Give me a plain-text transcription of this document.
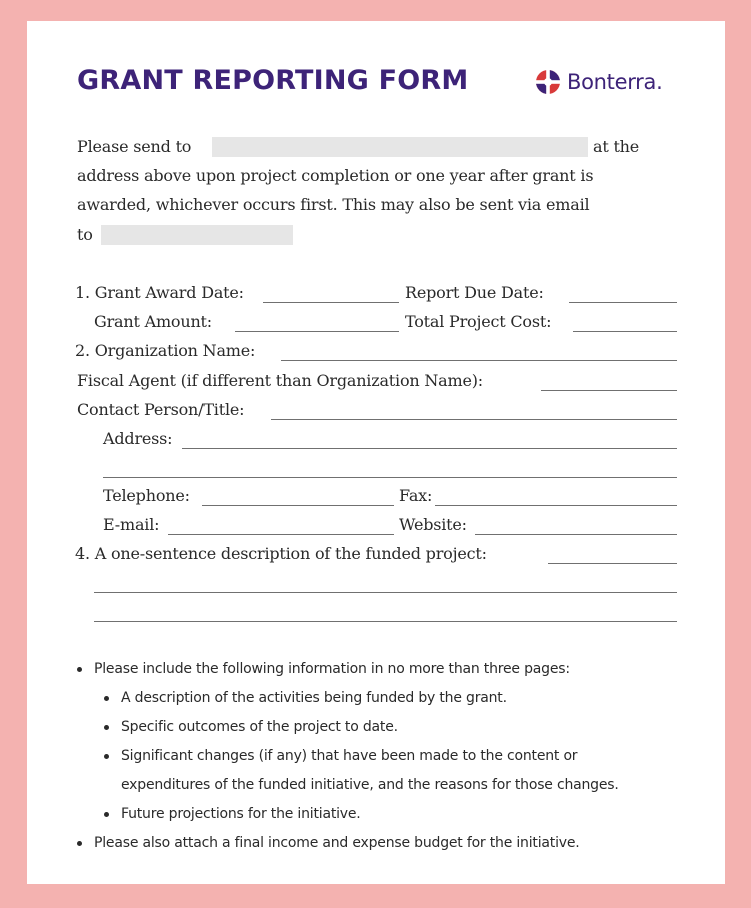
GRANT REPORTING FORM	Bonterra.
Please send to	at the
address above upon project completion or one year after grant is
awarded, whichever occurs first. This may also be sent via email
to
1. Grant Award Date:	Report Due Date:
Grant Amount:	Total Project Cost:
2. Organization Name:
Fiscal Agent (if different than Organization Name):
Contact Person/Title:
Address:
Telephone:	Fax:
E-mail:	Website:
4. A one-sentence description of the funded project:
Please include the following information in no more than three pages:
A description of the activities being funded by the grant.
Specific outcomes of the project to date.
Significant changes (if any) that have been made to the content or
expenditures of the funded initiative, and the reasons for those changes.
Future projections for the initiative.
Please also attach a final income and expense budget for the initiative.
